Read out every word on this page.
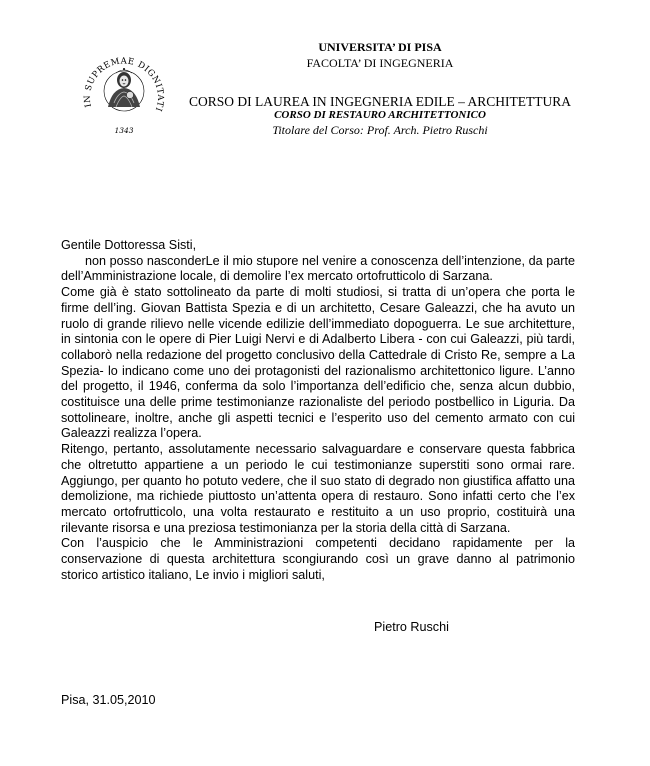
IN SUPREMAE DIGNITATI
1343
UNIVERSITA’ DI PISA
FACOLTA’ DI INGEGNERIA
CORSO DI LAUREA IN INGEGNERIA EDILE – ARCHITETTURA
CORSO DI RESTAURO ARCHITETTONICO
Titolare del Corso: Prof. Arch. Pietro Ruschi

Gentile Dottoressa Sisti,

non posso nasconderLe il mio stupore nel venire a conoscenza dell’intenzione, da parte dell’Amministrazione locale, di demolire l’ex mercato ortofrutticolo di Sarzana.

Come già è stato sottolineato da parte di molti studiosi, si tratta di un’opera che porta le firme dell’ing. Giovan Battista Spezia e di un architetto, Cesare Galeazzi, che ha avuto un ruolo di grande rilievo nelle vicende edilizie dell’immediato dopoguerra. Le sue architetture, in sintonia con le opere di Pier Luigi Nervi e di Adalberto Libera - con cui Galeazzi, più tardi, collaborò nella redazione del progetto conclusivo della Cattedrale di Cristo Re, sempre a La Spezia- lo indicano come uno dei protagonisti del razionalismo architettonico ligure. L’anno del progetto, il 1946, conferma da solo l’importanza dell’edificio che, senza alcun dubbio, costituisce una delle prime testimonianze razionaliste del periodo postbellico in Liguria. Da sottolineare, inoltre, anche gli aspetti tecnici e l’esperito uso del cemento armato con cui Galeazzi realizza l’opera.

Ritengo, pertanto, assolutamente necessario salvaguardare e conservare questa fabbrica che oltretutto appartiene a un periodo le cui testimonianze superstiti sono ormai rare. Aggiungo, per quanto ho potuto vedere, che il suo stato di degrado non giustifica affatto una demolizione, ma richiede piuttosto un’attenta opera di restauro. Sono infatti certo che l’ex mercato ortofrutticolo, una volta restaurato e restituito a un uso proprio, costituirà una rilevante risorsa e una preziosa testimonianza per la storia della città di Sarzana.

Con l’auspicio che le Amministrazioni competenti decidano rapidamente per la conservazione di questa architettura scongiurando così un grave danno al patrimonio storico artistico italiano, Le invio i migliori saluti,

Pietro Ruschi
Pisa, 31.05,2010
